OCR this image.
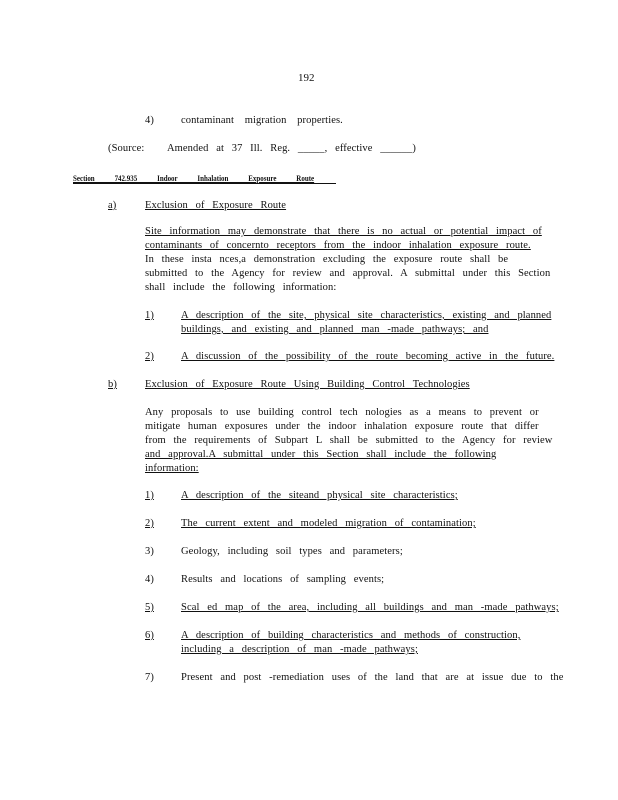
192
4)	contaminant migration properties.
(Source:   Amended at 37 Ill. Reg. _____, effective ______)
Section  742.935  Indoor  Inhalation  Exposure  Route
a)	Exclusion of Exposure Route
Site information may demonstrate that there is no actual or potential impact of
contaminants of concernto receptors from the indoor inhalation exposure route.
In these insta nces,a demonstration excluding the exposure route shall be
submitted to the Agency for review and approval. A submittal under this Section
shall include the following information:
1)	A description of the site, physical site characteristics, existing and planned
buildings, and existing and planned man -made pathways; and
2)	A discussion of the possibility of the route becoming active in the future.
b)	Exclusion of Exposure Route Using Building Control Technologies
Any proposals to use building control tech nologies as a means to prevent or
mitigate human exposures under the indoor inhalation exposure route that differ
from the requirements of Subpart L shall be submitted to the Agency for review
and approval.A submittal under this Section shall include the following
information:
1)	A description of the siteand physical site characteristics;
2)	The current extent and modeled migration of contamination;
3)	Geology, including soil types and parameters;
4)	Results and locations of sampling events;
5)	Scal ed map of the area, including all buildings and man -made pathways;
6)	A description of building characteristics and methods of construction,
including a description of man -made pathways;
7)	Present and post -remediation uses of the land that are at issue due to the
